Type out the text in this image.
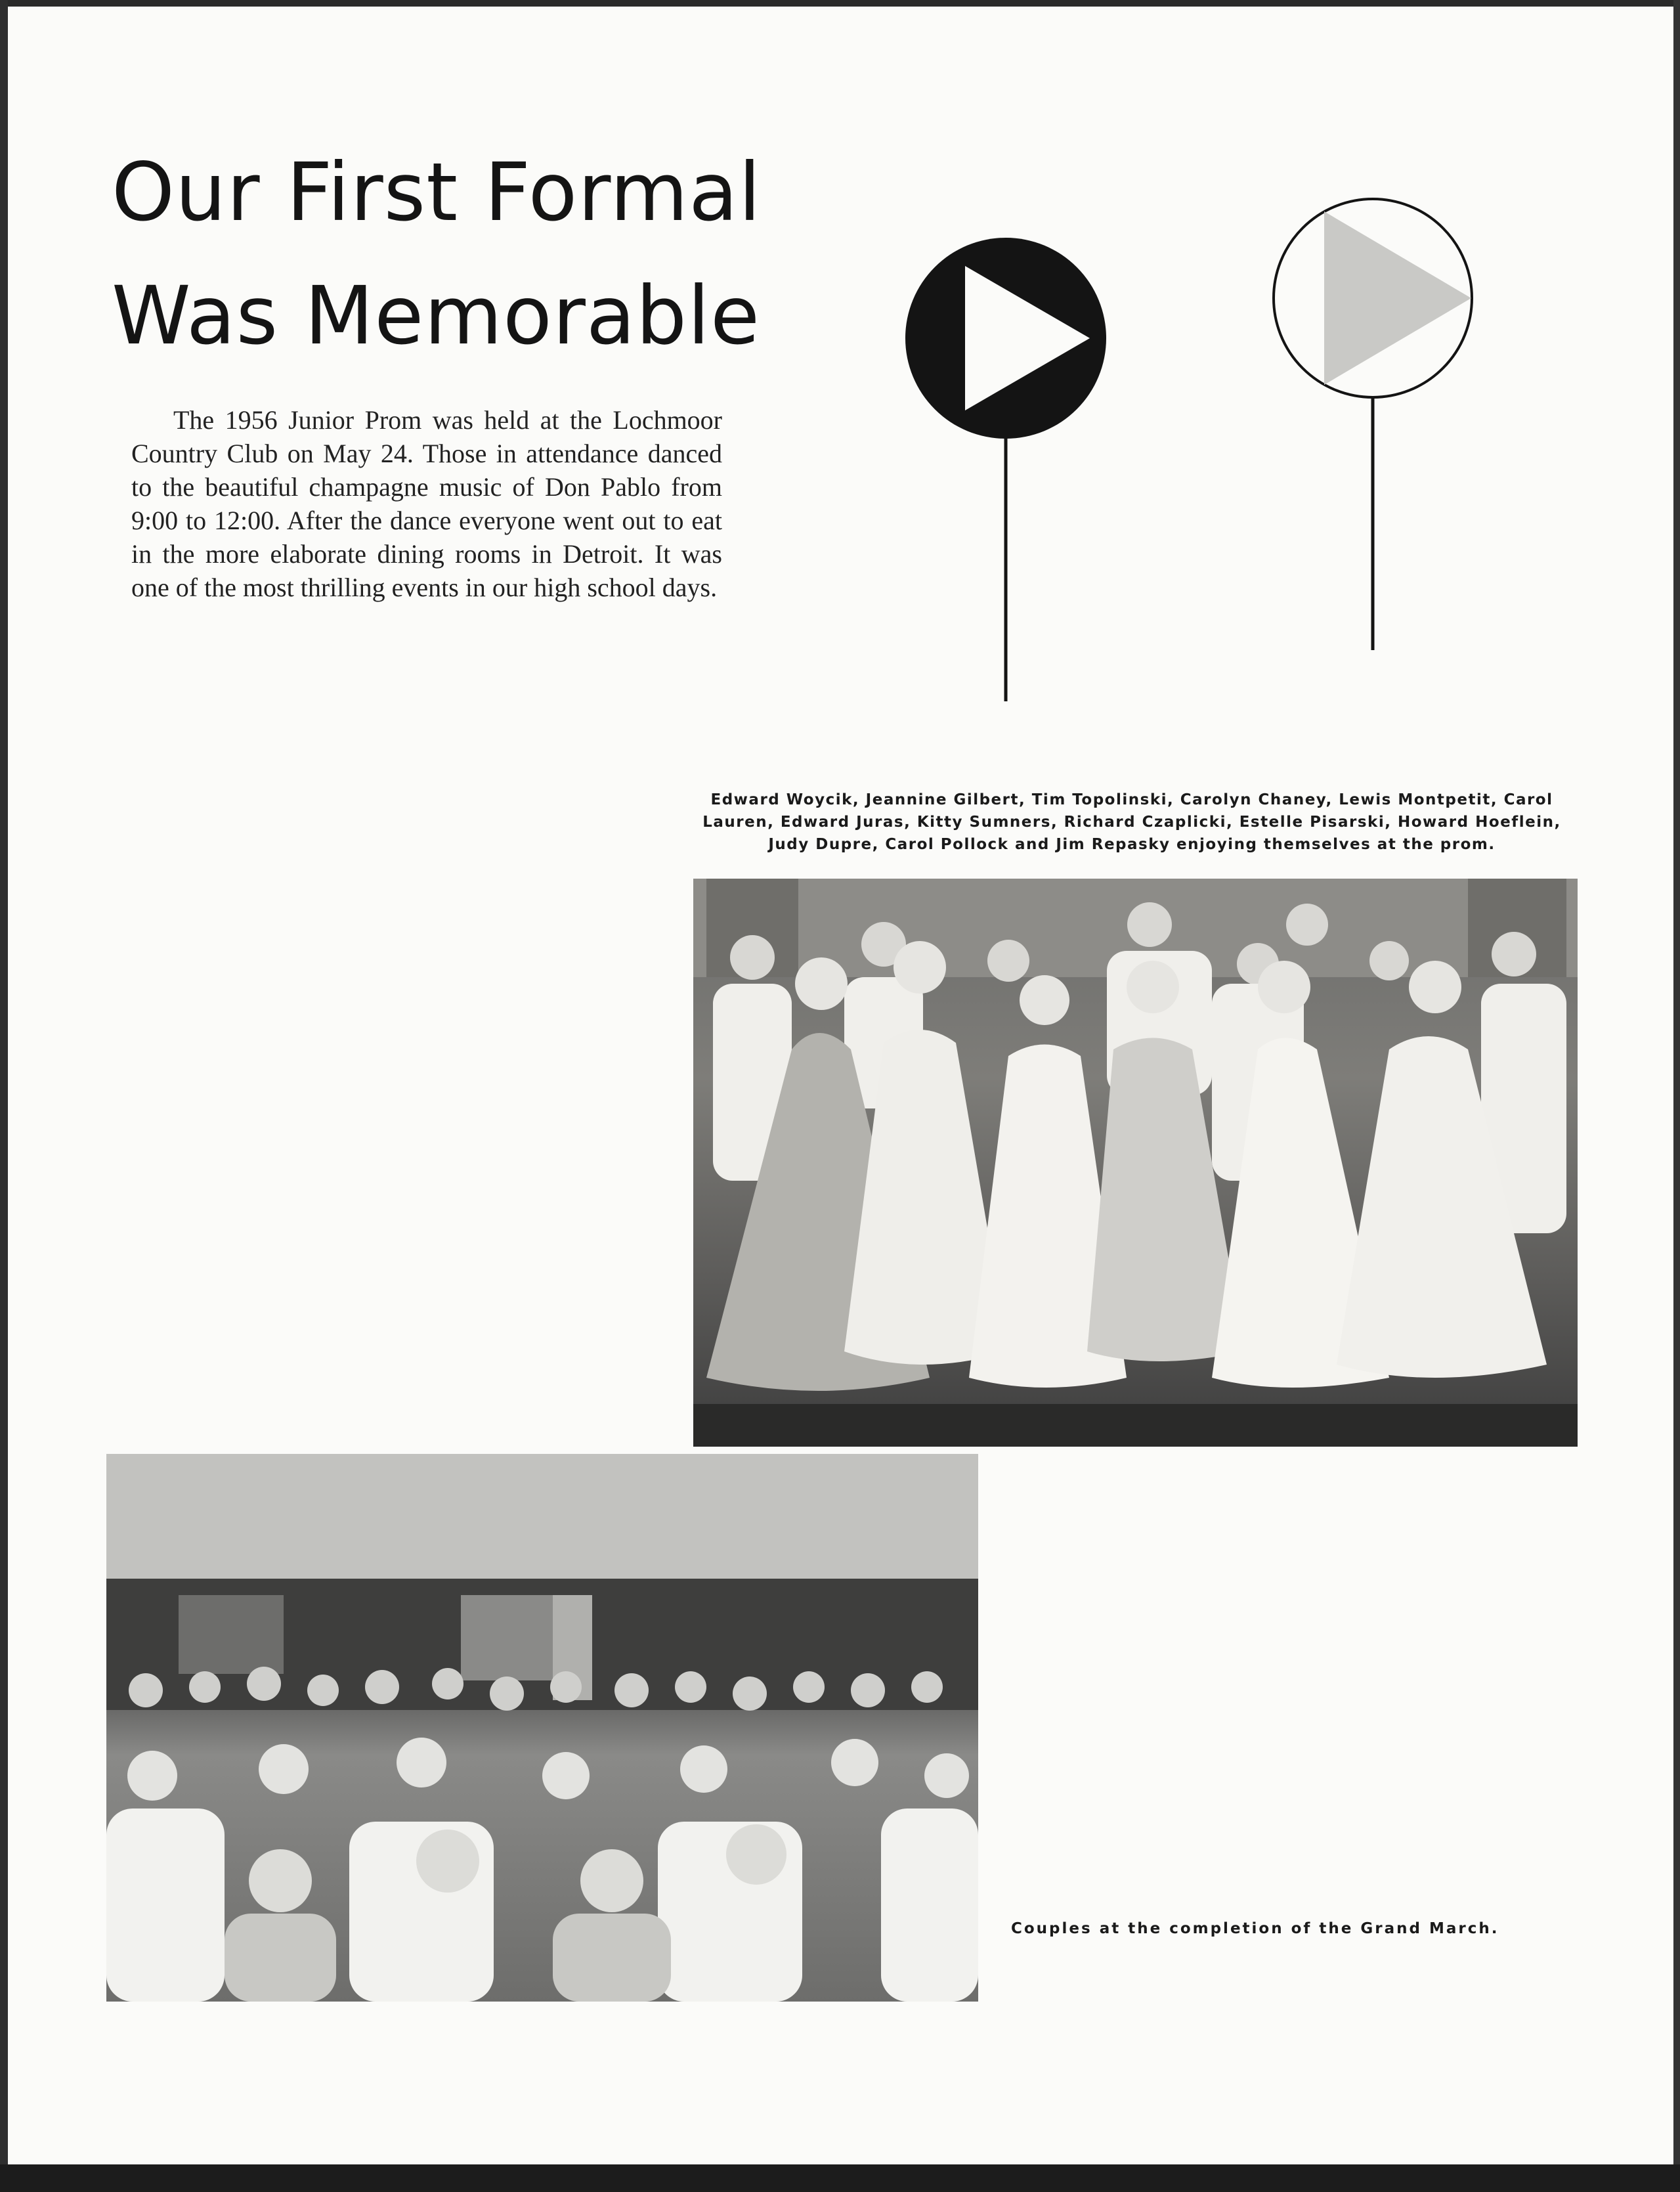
Our First Formal
Was Memorable

The 1956 Junior Prom was held at the Lochmoor Country Club on May 24. Those in attendance danced to the beautiful champagne music of Don Pablo from 9:00 to 12:00. After the dance everyone went out to eat in the more elaborate dining rooms in Detroit. It was one of the most thrilling events in our high school days.

Edward Woycik, Jeannine Gilbert, Tim Topolinski, Carolyn Chaney, Lewis Montpetit, Carol Lauren, Edward Juras, Kitty Sumners, Richard Czaplicki, Estelle Pisarski, Howard Hoeflein, Judy Dupre, Carol Pollock and Jim Repasky enjoying themselves at the prom.

Couples at the completion of the Grand March.
